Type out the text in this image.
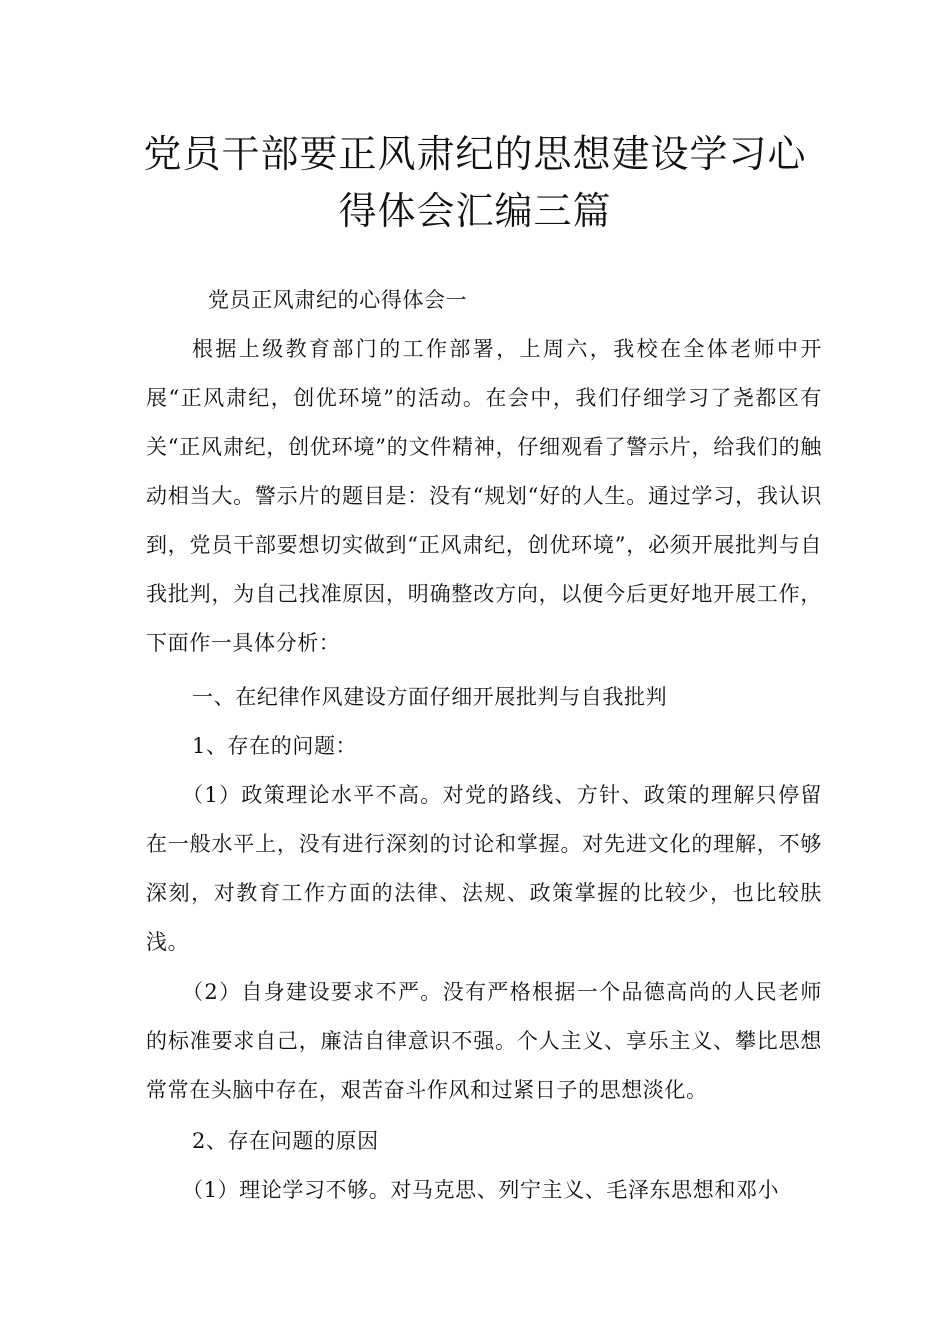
党员干部要正风肃纪的思想建设学习心
得体会汇编三篇
党员正风肃纪的心得体会一

根据上级教育部门的工作部署，上周六，我校在全体老师中开展“正风肃纪，创优环境”的活动。在会中，我们仔细学习了尧都区有关“正风肃纪，创优环境”的文件精神，仔细观看了警示片，给我们的触动相当大。警示片的题目是：没有“规划“好的人生。通过学习，我认识到，党员干部要想切实做到“正风肃纪，创优环境”，必须开展批判与自我批判，为自己找准原因，明确整改方向，以便今后更好地开展工作，下面作一具体分析：

一、在纪律作风建设方面仔细开展批判与自我批判
1、存在的问题：

（1）政策理论水平不高。对党的路线、方针、政策的理解只停留在一般水平上，没有进行深刻的讨论和掌握。对先进文化的理解，不够深刻，对教育工作方面的法律、法规、政策掌握的比较少，也比较肤浅。

（2）自身建设要求不严。没有严格根据一个品德高尚的人民老师的标准要求自己，廉洁自律意识不强。个人主义、享乐主义、攀比思想常常在头脑中存在，艰苦奋斗作风和过紧日子的思想淡化。

2、存在问题的原因

（1）理论学习不够。对马克思、列宁主义、毛泽东思想和邓小
